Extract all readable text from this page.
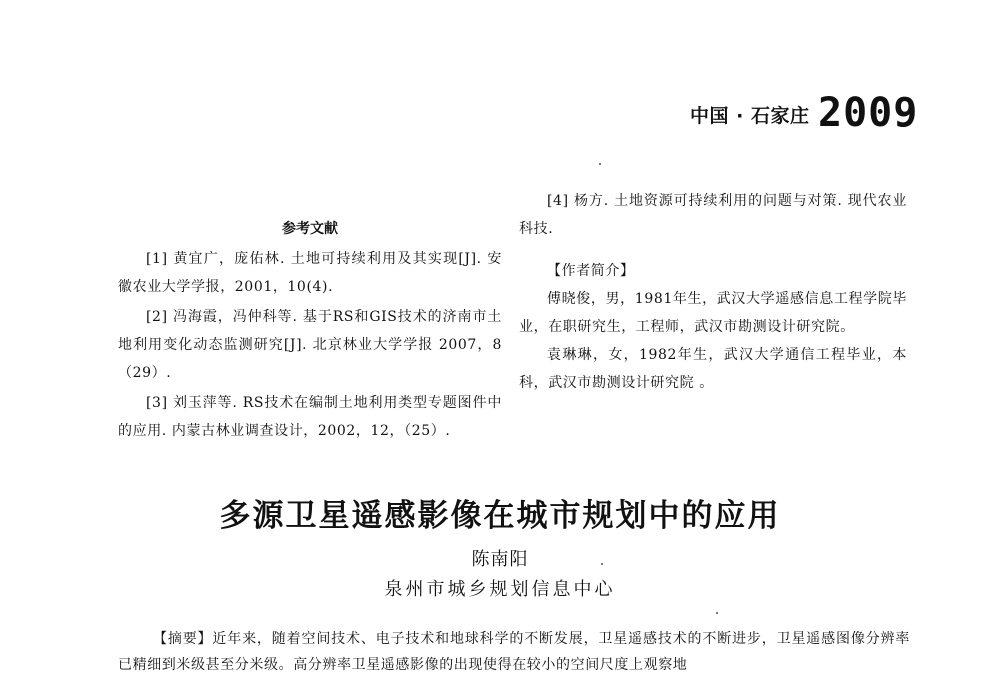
中国 · 石家庄 2009
参考文献

[1] 黄宜广，庞佑林. 土地可持续利用及其实现[J]. 安徽农业大学学报，2001，10(4).

[2] 冯海霞，冯仲科等. 基于RS和GIS技术的济南市土地利用变化动态监测研究[J]. 北京林业大学学报 2007，8（29）.

[3] 刘玉萍等. RS技术在编制土地利用类型专题图件中的应用. 内蒙古林业调查设计，2002，12，（25）.

[4] 杨方. 土地资源可持续利用的问题与对策. 现代农业科技.

【作者简介】

傅晓俊，男，1981年生，武汉大学遥感信息工程学院毕业，在职研究生，工程师，武汉市勘测设计研究院。

袁琳琳，女，1982年生，武汉大学通信工程毕业，本科，武汉市勘测设计研究院 。

多源卫星遥感影像在城市规划中的应用
陈南阳
泉州市城乡规划信息中心
【摘要】近年来，随着空间技术、电子技术和地球科学的不断发展，卫星遥感技术的不断进步，卫星遥感图像分辨率已精细到米级甚至分米级。高分辨率卫星遥感影像的出现使得在较小的空间尺度上观察地
